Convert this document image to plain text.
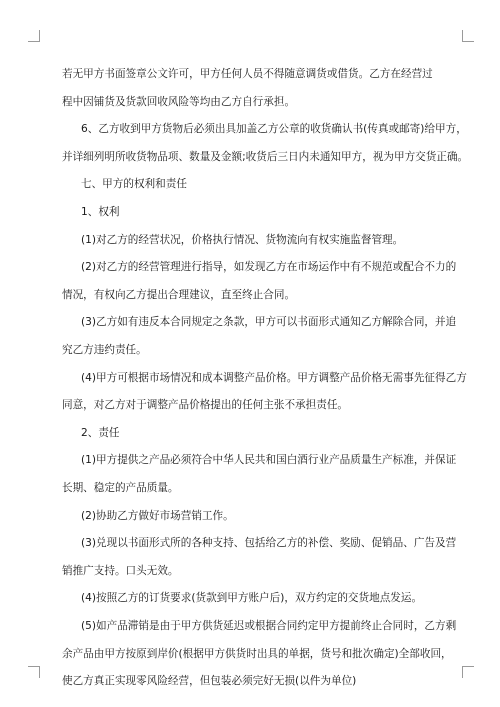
若无甲方书面签章公文许可，甲方任何人员不得随意调货或借货。乙方在经营过
程中因铺货及货款回收风险等均由乙方自行承担。
6、乙方收到甲方货物后必须出具加盖乙方公章的收货确认书(传真或邮寄)给甲方，
并详细列明所收货物品项、数量及金额;收货后三日内未通知甲方，视为甲方交货正确。
七、甲方的权利和责任
1、权利
(1)对乙方的经营状况，价格执行情况、货物流向有权实施监督管理。
(2)对乙方的经营管理进行指导，如发现乙方在市场运作中有不规范或配合不力的
情况，有权向乙方提出合理建议，直至终止合同。
(3)乙方如有违反本合同规定之条款，甲方可以书面形式通知乙方解除合同，并追
究乙方违约责任。
(4)甲方可根据市场情况和成本调整产品价格。甲方调整产品价格无需事先征得乙方
同意，对乙方对于调整产品价格提出的任何主张不承担责任。
2、责任
(1)甲方提供之产品必须符合中华人民共和国白酒行业产品质量生产标准，并保证
长期、稳定的产品质量。
(2)协助乙方做好市场营销工作。
(3)兑现以书面形式所的各种支持、包括给乙方的补偿、奖励、促销品、广告及营
销推广支持。口头无效。
(4)按照乙方的订货要求(货款到甲方账户后)，双方约定的交货地点发运。
(5)如产品滞销是由于甲方供货延迟或根据合同约定甲方提前终止合同时，乙方剩
余产品由甲方按原到岸价(根据甲方供货时出具的单据，货号和批次确定)全部收回，
使乙方真正实现零风险经营，但包装必须完好无损(以件为单位)
